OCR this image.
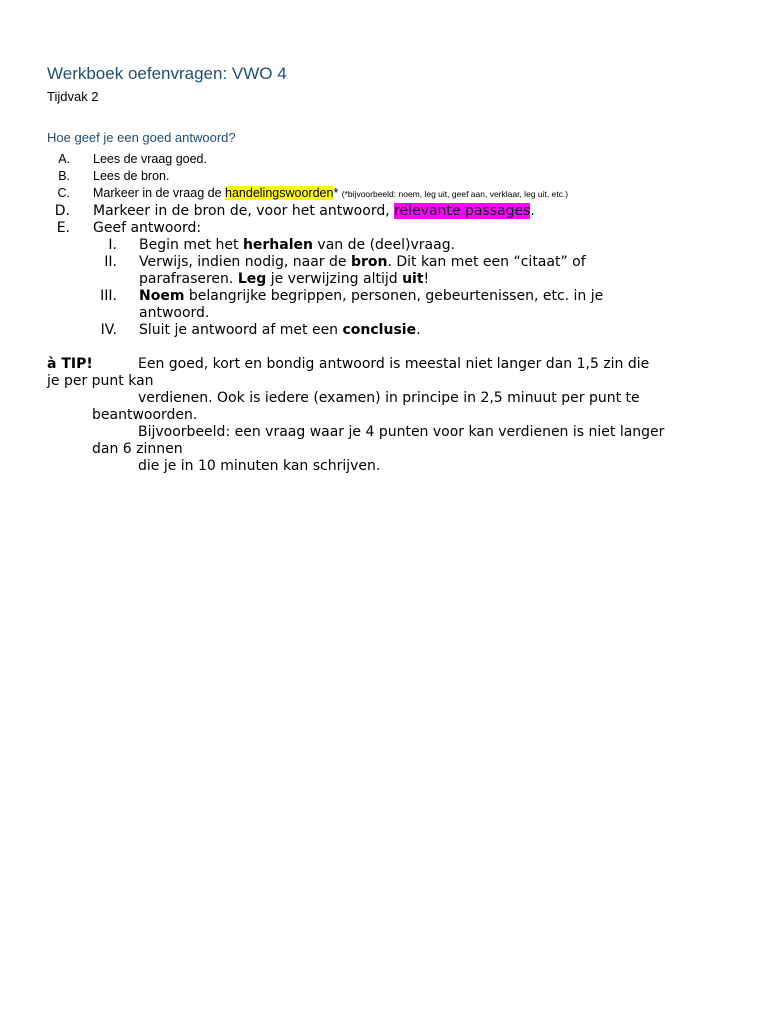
Werkboek oefenvragen: VWO 4
Tijdvak 2
Hoe geef je een goed antwoord?
A. Lees de vraag goed.
B. Lees de bron.
C. Markeer in de vraag de handelingswoorden* (*bijvoorbeeld: noem, leg uit, geef aan, verklaar, leg uit, etc.)
D. Markeer in de bron de, voor het antwoord, relevante passages.
E. Geef antwoord:
I. Begin met het herhalen van de (deel)vraag.
II. Verwijs, indien nodig, naar de bron. Dit kan met een “citaat” of
parafraseren. Leg je verwijzing altijd uit!
III. Noem belangrijke begrippen, personen, gebeurtenissen, etc. in je
antwoord.
IV. Sluit je antwoord af met een conclusie.
à TIP!	Een goed, kort en bondig antwoord is meestal niet langer dan 1,5 zin die
je per punt kan
verdienen. Ook is iedere (examen) in principe in 2,5 minuut per punt te
beantwoorden.
Bijvoorbeeld: een vraag waar je 4 punten voor kan verdienen is niet langer
dan 6 zinnen
die je in 10 minuten kan schrijven.
